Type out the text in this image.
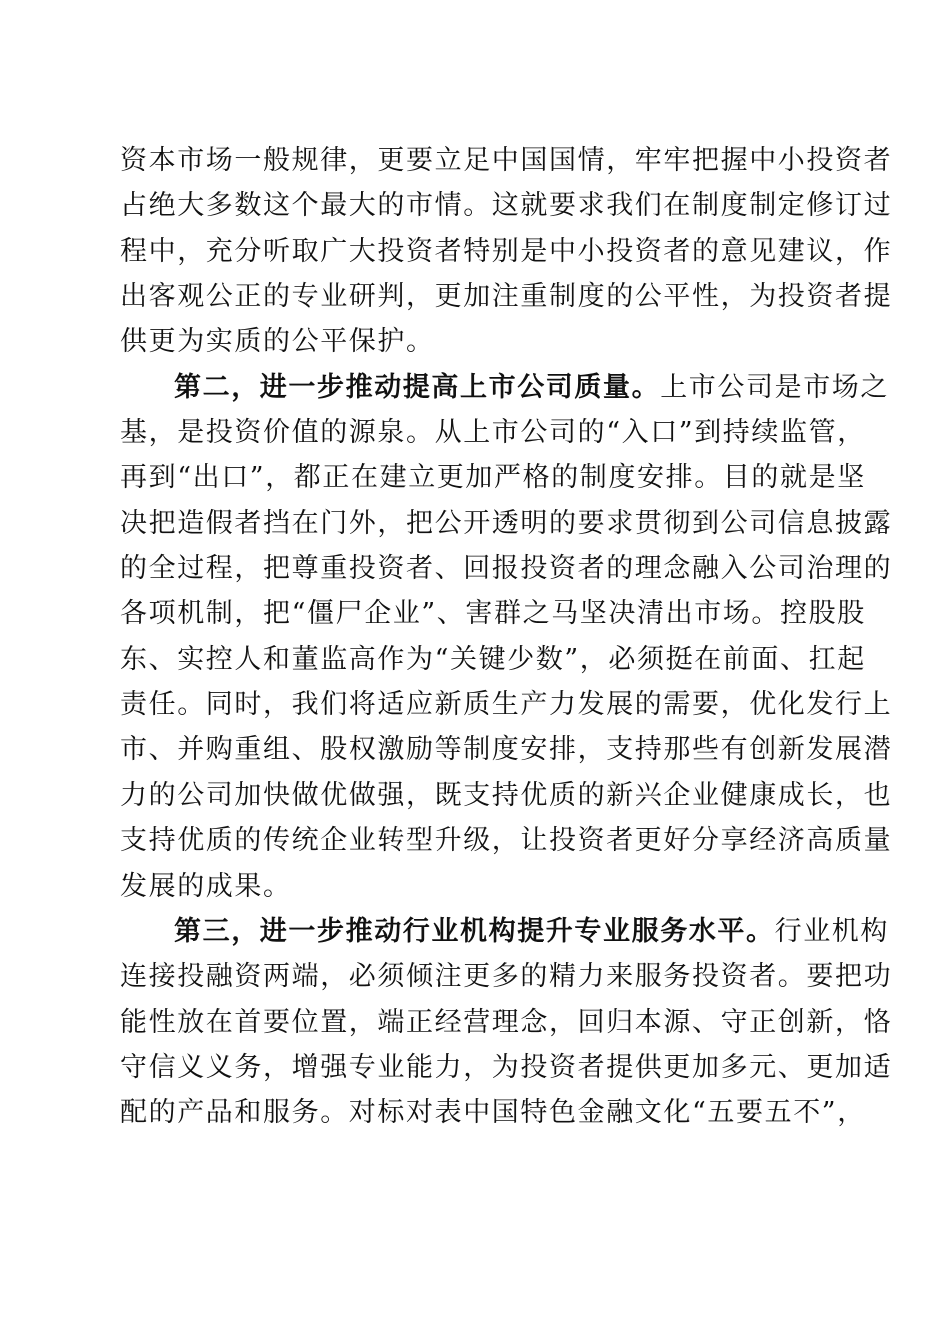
资本市场一般规律，更要立足中国国情，牢牢把握中小投资者
占绝大多数这个最大的市情。这就要求我们在制度制定修订过
程中，充分听取广大投资者特别是中小投资者的意见建议，作
出客观公正的专业研判，更加注重制度的公平性，为投资者提
供更为实质的公平保护。
第二，进一步推动提高上市公司质量。上市公司是市场之
基，是投资价值的源泉。从上市公司的“入口”到持续监管，
再到“出口”，都正在建立更加严格的制度安排。目的就是坚
决把造假者挡在门外，把公开透明的要求贯彻到公司信息披露
的全过程，把尊重投资者、回报投资者的理念融入公司治理的
各项机制，把“僵尸企业”、害群之马坚决清出市场。控股股
东、实控人和董监高作为“关键少数”，必须挺在前面、扛起
责任。同时，我们将适应新质生产力发展的需要，优化发行上
市、并购重组、股权激励等制度安排，支持那些有创新发展潜
力的公司加快做优做强，既支持优质的新兴企业健康成长，也
支持优质的传统企业转型升级，让投资者更好分享经济高质量
发展的成果。
第三，进一步推动行业机构提升专业服务水平。行业机构
连接投融资两端，必须倾注更多的精力来服务投资者。要把功
能性放在首要位置，端正经营理念，回归本源、守正创新，恪
守信义义务，增强专业能力，为投资者提供更加多元、更加适
配的产品和服务。对标对表中国特色金融文化“五要五不”，
